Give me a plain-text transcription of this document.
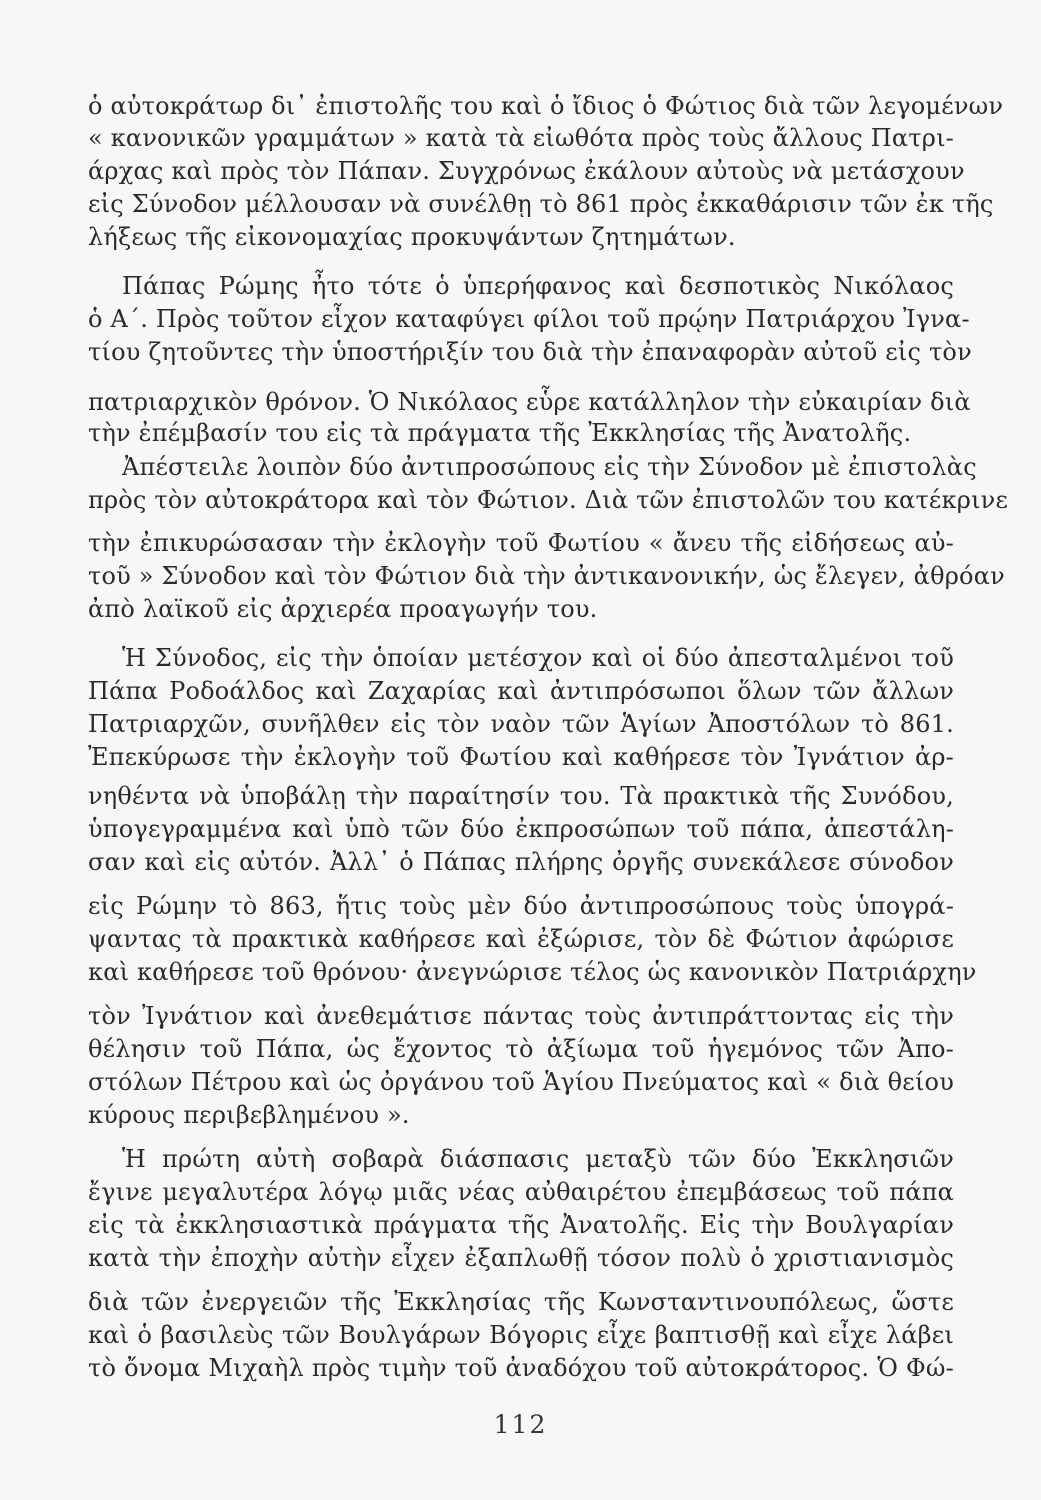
ὁ αὐτοκράτωρ δι᾽ ἐπιστολῆς του καὶ ὁ ἴδιος ὁ Φώτιος διὰ τῶν λεγομένων

« κανονικῶν γραμμάτων » κατὰ τὰ εἰωθότα πρὸς τοὺς ἄλλους Πατρι-

άρχας καὶ πρὸς τὸν Πάπαν. Συγχρόνως ἐκάλουν αὐτοὺς νὰ μετάσχουν

εἰς Σύνοδον μέλλουσαν νὰ συνέλθῃ τὸ 861 πρὸς ἐκκαθάρισιν τῶν ἐκ τῆς

λήξεως τῆς εἰκονομαχίας προκυψάντων ζητημάτων.

Πάπας Ρώμης ἦτο τότε ὁ ὑπερήφανος καὶ δεσποτικὸς Νικόλαος

ὁ Α΄. Πρὸς τοῦτον εἶχον καταφύγει φίλοι τοῦ πρῴην Πατριάρχου Ἰγνα-

τίου ζητοῦντες τὴν ὑποστήριξίν του διὰ τὴν ἐπαναφορὰν αὐτοῦ εἰς τὸν

πατριαρχικὸν θρόνον. Ὁ Νικόλαος εὗρε κατάλληλον τὴν εὐκαιρίαν διὰ

τὴν ἐπέμβασίν του εἰς τὰ πράγματα τῆς Ἐκκλησίας τῆς Ἀνατολῆς.

Ἀπέστειλε λοιπὸν δύο ἀντιπροσώπους εἰς τὴν Σύνοδον μὲ ἐπιστολὰς

πρὸς τὸν αὐτοκράτορα καὶ τὸν Φώτιον. Διὰ τῶν ἐπιστολῶν του κατέκρινε

τὴν ἐπικυρώσασαν τὴν ἐκλογὴν τοῦ Φωτίου « ἄνευ τῆς εἰδήσεως αὐ-

τοῦ » Σύνοδον καὶ τὸν Φώτιον διὰ τὴν ἀντικανονικήν, ὡς ἔλεγεν, ἀθρόαν

ἀπὸ λαϊκοῦ εἰς ἀρχιερέα προαγωγήν του.

Ἡ Σύνοδος, εἰς τὴν ὁποίαν μετέσχον καὶ οἱ δύο ἀπεσταλμένοι τοῦ

Πάπα Ροδοάλδος καὶ Ζαχαρίας καὶ ἀντιπρόσωποι ὅλων τῶν ἄλλων

Πατριαρχῶν, συνῆλθεν εἰς τὸν ναὸν τῶν Ἁγίων Ἀποστόλων τὸ 861.

Ἐπεκύρωσε τὴν ἐκλογὴν τοῦ Φωτίου καὶ καθήρεσε τὸν Ἰγνάτιον ἀρ-

νηθέντα νὰ ὑποβάλῃ τὴν παραίτησίν του. Τὰ πρακτικὰ τῆς Συνόδου,

ὑπογεγραμμένα καὶ ὑπὸ τῶν δύο ἐκπροσώπων τοῦ πάπα, ἀπεστάλη-

σαν καὶ εἰς αὐτόν. Ἀλλ᾽ ὁ Πάπας πλήρης ὀργῆς συνεκάλεσε σύνοδον

εἰς Ρώμην τὸ 863, ἥτις τοὺς μὲν δύο ἀντιπροσώπους τοὺς ὑπογρά-

ψαντας τὰ πρακτικὰ καθήρεσε καὶ ἐξώρισε, τὸν δὲ Φώτιον ἀφώρισε

καὶ καθήρεσε τοῦ θρόνου· ἀνεγνώρισε τέλος ὡς κανονικὸν Πατριάρχην

τὸν Ἰγνάτιον καὶ ἀνεθεμάτισε πάντας τοὺς ἀντιπράττοντας εἰς τὴν

θέλησιν τοῦ Πάπα, ὡς ἔχοντος τὸ ἀξίωμα τοῦ ἡγεμόνος τῶν Ἀπο-

στόλων Πέτρου καὶ ὡς ὀργάνου τοῦ Ἁγίου Πνεύματος καὶ « διὰ θείου

κύρους περιβεβλημένου ».

Ἡ πρώτη αὐτὴ σοβαρὰ διάσπασις μεταξὺ τῶν δύο Ἐκκλησιῶν

ἔγινε μεγαλυτέρα λόγῳ μιᾶς νέας αὐθαιρέτου ἐπεμβάσεως τοῦ πάπα

εἰς τὰ ἐκκλησιαστικὰ πράγματα τῆς Ἀνατολῆς. Εἰς τὴν Βουλγαρίαν

κατὰ τὴν ἐποχὴν αὐτὴν εἶχεν ἐξαπλωθῇ τόσον πολὺ ὁ χριστιανισμὸς

διὰ τῶν ἐνεργειῶν τῆς Ἐκκλησίας τῆς Κωνσταντινουπόλεως, ὥστε

καὶ ὁ βασιλεὺς τῶν Βουλγάρων Βόγορις εἶχε βαπτισθῇ καὶ εἶχε λάβει

τὸ ὄνομα Μιχαὴλ πρὸς τιμὴν τοῦ ἀναδόχου τοῦ αὐτοκράτορος. Ὁ Φώ-

112
